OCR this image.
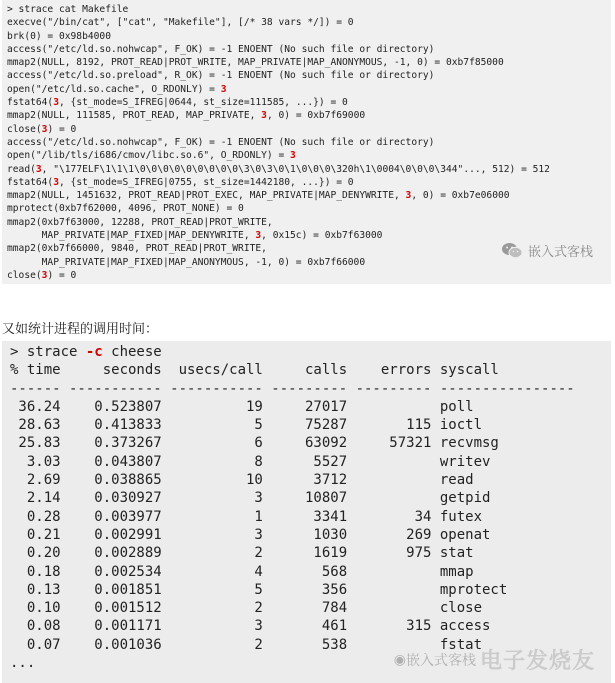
> strace cat Makefile
execve("/bin/cat", ["cat", "Makefile"], [/* 38 vars */]) = 0
brk(0) = 0x98b4000
access("/etc/ld.so.nohwcap", F_OK) = -1 ENOENT (No such file or directory)
mmap2(NULL, 8192, PROT_READ|PROT_WRITE, MAP_PRIVATE|MAP_ANONYMOUS, -1, 0) = 0xb7f85000
access("/etc/ld.so.preload", R_OK) = -1 ENOENT (No such file or directory)
open("/etc/ld.so.cache", O_RDONLY) = 3
fstat64(3, {st_mode=S_IFREG|0644, st_size=111585, ...}) = 0
mmap2(NULL, 111585, PROT_READ, MAP_PRIVATE, 3, 0) = 0xb7f69000
close(3) = 0
access("/etc/ld.so.nohwcap", F_OK) = -1 ENOENT (No such file or directory)
open("/lib/tls/i686/cmov/libc.so.6", O_RDONLY) = 3
read(3, "\177ELF\1\1\1\0\0\0\0\0\0\0\0\0\3\0\3\0\1\0\0\0\320h\1\0004\0\0\0\344"..., 512) = 512
fstat64(3, {st_mode=S_IFREG|0755, st_size=1442180, ...}) = 0
mmap2(NULL, 1451632, PROT_READ|PROT_EXEC, MAP_PRIVATE|MAP_DENYWRITE, 3, 0) = 0xb7e06000
mprotect(0xb7f62000, 4096, PROT_NONE) = 0
mmap2(0xb7f63000, 12288, PROT_READ|PROT_WRITE,
MAP_PRIVATE|MAP_FIXED|MAP_DENYWRITE, 3, 0x15c) = 0xb7f63000
mmap2(0xb7f66000, 9840, PROT_READ|PROT_WRITE,
MAP_PRIVATE|MAP_FIXED|MAP_ANONYMOUS, -1, 0) = 0xb7f66000
close(3) = 0
嵌入式客栈
又如统计进程的调用时间：
> strace -c cheese
% time     seconds  usecs/call     calls    errors syscall
------ ----------- ----------- --------- --------- ----------------
36.24    0.523807          19     27017           poll
28.63    0.413833           5     75287       115 ioctl
25.83    0.373267           6     63092     57321 recvmsg
3.03    0.043807           8      5527           writev
2.69    0.038865          10      3712           read
2.14    0.030927           3     10807           getpid
0.28    0.003977           1      3341        34 futex
0.21    0.002991           3      1030       269 openat
0.20    0.002889           2      1619       975 stat
0.18    0.002534           4       568           mmap
0.13    0.001851           5       356           mprotect
0.10    0.001512           2       784           close
0.08    0.001171           3       461       315 access
0.07    0.001036           2       538           fstat
...	◉ 嵌入式客栈 电子发烧友
